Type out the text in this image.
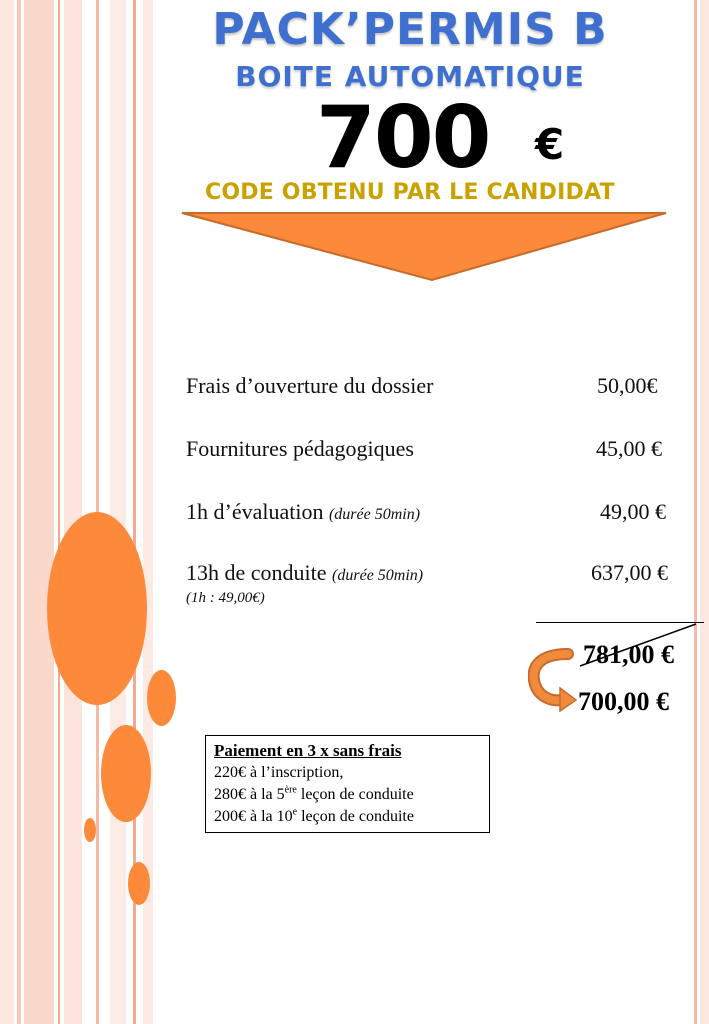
PACK’PERMIS B
BOITE AUTOMATIQUE
700 €
CODE OBTENU PAR LE CANDIDAT
Frais d’ouverture du dossier	50,00€
Fournitures pédagogiques	45,00 €
1h d’évaluation (durée 50min)	49,00 €
13h de conduite (durée 50min)	637,00 €
(1h : 49,00€)
781,00 €
700,00 €
Paiement en 3 x sans frais
220€ à l’inscription,
280€ à la 5ère leçon de conduite
200€ à la 10e leçon de conduite
